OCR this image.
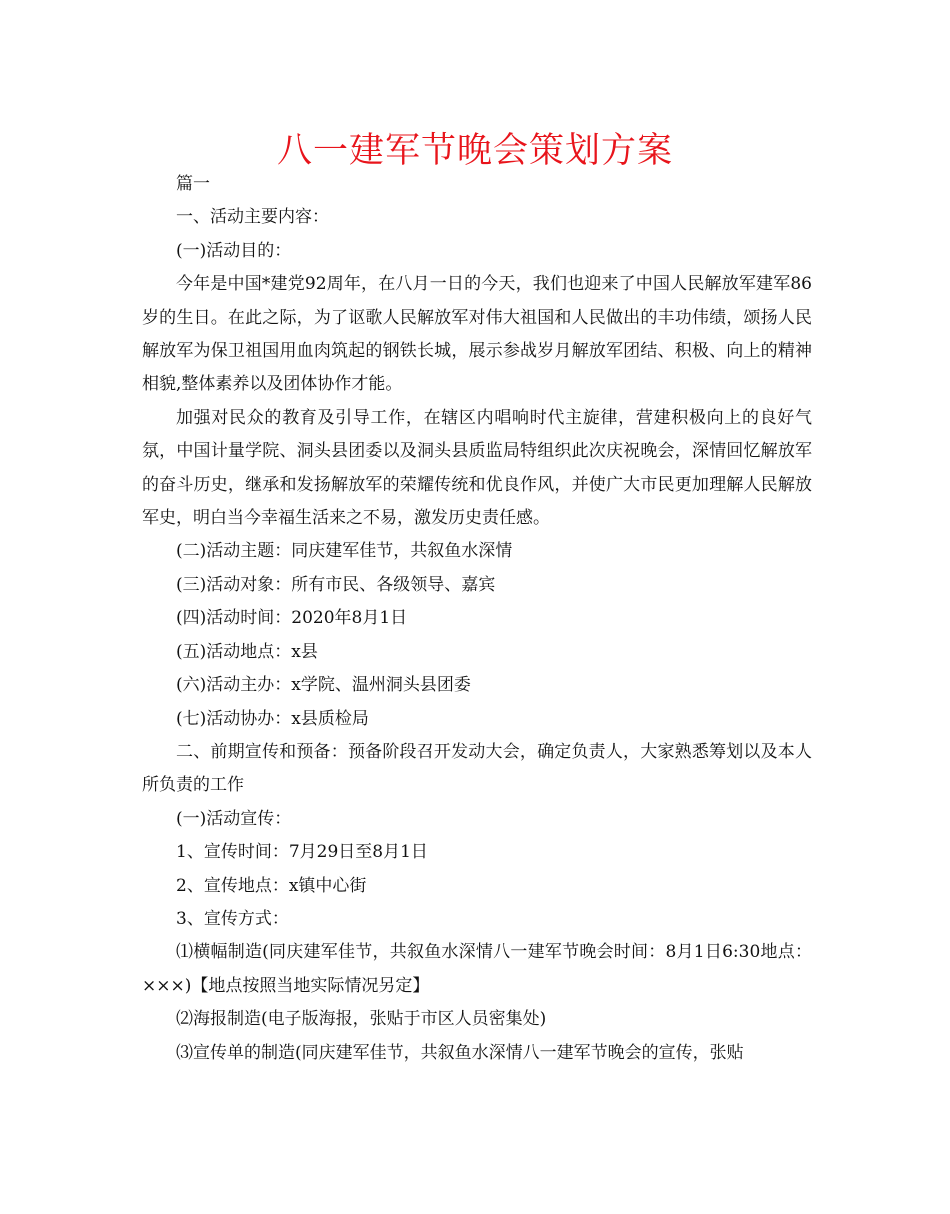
八一建军节晚会策划方案

篇一

一、活动主要内容：

(一)活动目的：

今年是中国*建党92周年，在八月一日的今天，我们也迎来了中国人民解放军建军86岁的生日。在此之际，为了讴歌人民解放军对伟大祖国和人民做出的丰功伟绩，颂扬人民解放军为保卫祖国用血肉筑起的钢铁长城，展示参战岁月解放军团结、积极、向上的精神相貌,整体素养以及团体协作才能。

加强对民众的教育及引导工作，在辖区内唱响时代主旋律，营建积极向上的良好气氛，中国计量学院、洞头县团委以及洞头县质监局特组织此次庆祝晚会，深情回忆解放军的奋斗历史，继承和发扬解放军的荣耀传统和优良作风，并使广大市民更加理解人民解放军史，明白当今幸福生活来之不易，激发历史责任感。

(二)活动主题：同庆建军佳节，共叙鱼水深情

(三)活动对象：所有市民、各级领导、嘉宾

(四)活动时间：2020年8月1日

(五)活动地点：x县

(六)活动主办：x学院、温州洞头县团委

(七)活动协办：x县质检局

二、前期宣传和预备：预备阶段召开发动大会，确定负责人，大家熟悉筹划以及本人所负责的工作

(一)活动宣传：

1、宣传时间：7月29日至8月1日

2、宣传地点：x镇中心街

3、宣传方式：

⑴横幅制造(同庆建军佳节，共叙鱼水深情八一建军节晚会时间：8月1日6:30地点：×××)【地点按照当地实际情况另定】

⑵海报制造(电子版海报，张贴于市区人员密集处)

⑶宣传单的制造(同庆建军佳节，共叙鱼水深情八一建军节晚会的宣传，张贴
